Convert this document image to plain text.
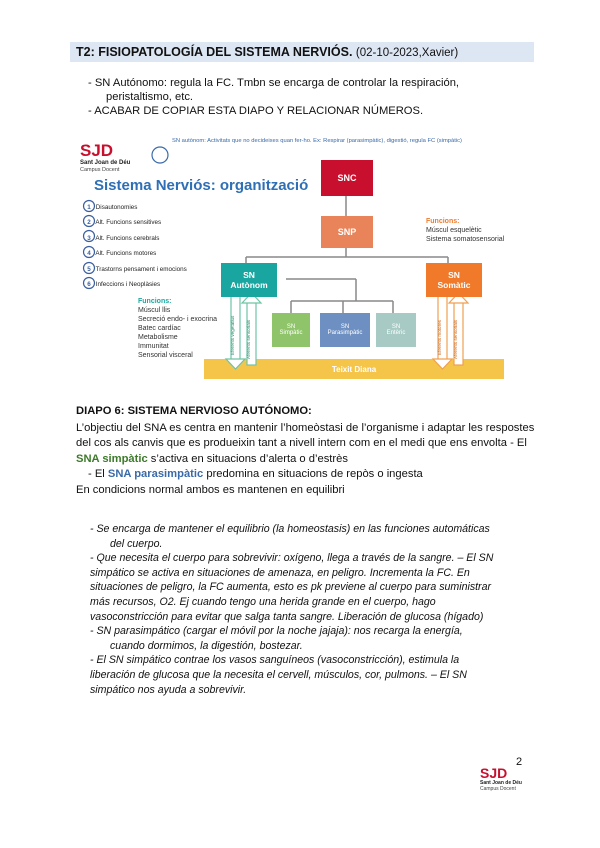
T2: FISIOPATOLOGÍA DEL SISTEMA NERVIÓS. (02-10-2023,Xavier)

- SN Autónomo: regula la FC. Tmbn se encarga de controlar la respiración,

peristaltismo, etc.

- ACABAR DE COPIAR ESTA DIAPO Y RELACIONAR NÚMEROS.

SJD
Sant Joan de Déu
Campus Docent
SN autònom: Activitats que no decideixes quan fer-ho. Ex: Respirar (parasimpàtic), digestió, regula FC (simpàtic)
Sistema Nerviós: organització
1 Disautonomies
2 Alt. Funcions sensitives
3 Alt. Funcions cerebrals
4 Alt. Funcions motores
5 Trastorns pensament i emocions
6 Infeccions i Neoplàsies
SNC
SNP
SN
Autònom
SN
Somàtic
SN
Simpàtic
SN
Parasimpàtic
SN
Entèric
Funcions:
Múscul esquelètic
Sistema somatosensorial
Funcions:
Múscul llis
Secreció endo- i exocrina
Batec cardíac
Metabolisme
Immunitat
Sensorial visceral
Eferents vegetatius Aferents sensorials	Eferents motores Aferents sensorials
Teixit Diana

DIAPO 6: SISTEMA NERVIOSO AUTÓNOMO:

L’objectiu del SNA es centra en mantenir l’homeòstasi de l’organisme i adaptar les respostes

del cos als canvis que es produeixin tant a nivell intern com en el medi que ens envolta - El

SNA simpàtic s’activa en situacions d’alerta o d’estrès

- El SNA parasimpàtic predomina en situacions de repòs o ingesta

En condicions normal ambos es mantenen en equilibri

- Se encarga de mantener el equilibrio (la homeostasis) en las funciones automáticas

del cuerpo.

- Que necesita el cuerpo para sobrevivir: oxígeno, llega a través de la sangre. – El SN

simpático se activa en situaciones de amenaza, en peligro. Incrementa la FC. En

situaciones de peligro, la FC aumenta, esto es pk previene al cuerpo para suministrar

más recursos, O2. Ej cuando tengo una herida grande en el cuerpo, hago

vasoconstricción para evitar que salga tanta sangre. Liberación de glucosa (hígado)

- SN parasimpático (cargar el móvil por la noche jajaja): nos recarga la energía,

cuando dormimos, la digestión, bostezar.

- El SN simpático contrae los vasos sanguíneos (vasoconstricción), estimula la

liberación de glucosa que la necesita el cervell, músculos, cor, pulmons. – El SN

simpático nos ayuda a sobrevivir.

2
SJD
Sant Joan de Déu
Campus Docent
